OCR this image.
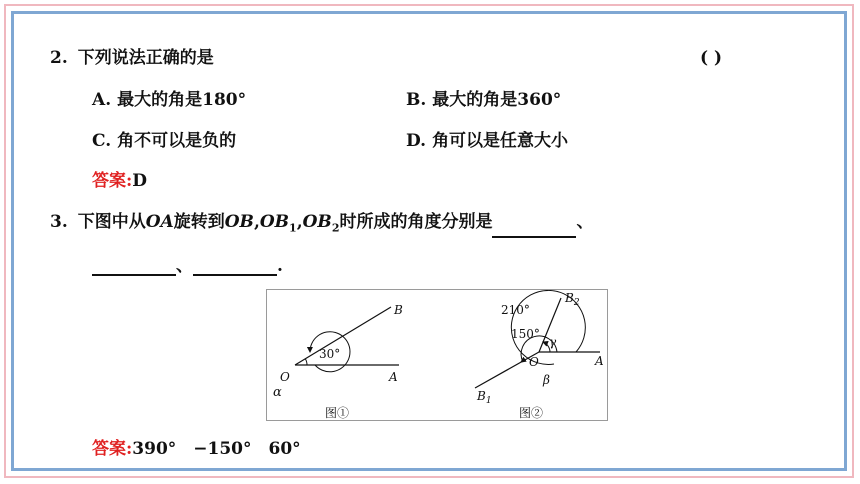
2. 下列说法正确的是	( )
A. 最大的角是180°	B. 最大的角是360°
C. 角不可以是负的	D. 角可以是任意大小
答案:D
3. 下图中从OA旋转到$OB,OB_1,OB_2$时所成的角度分别是	、
、	.
B
O	A
30°
α
图①
$B_2$
210°
150°
γ
O	A
β
$B_1$
图②
答案:390°　−150°　60°
